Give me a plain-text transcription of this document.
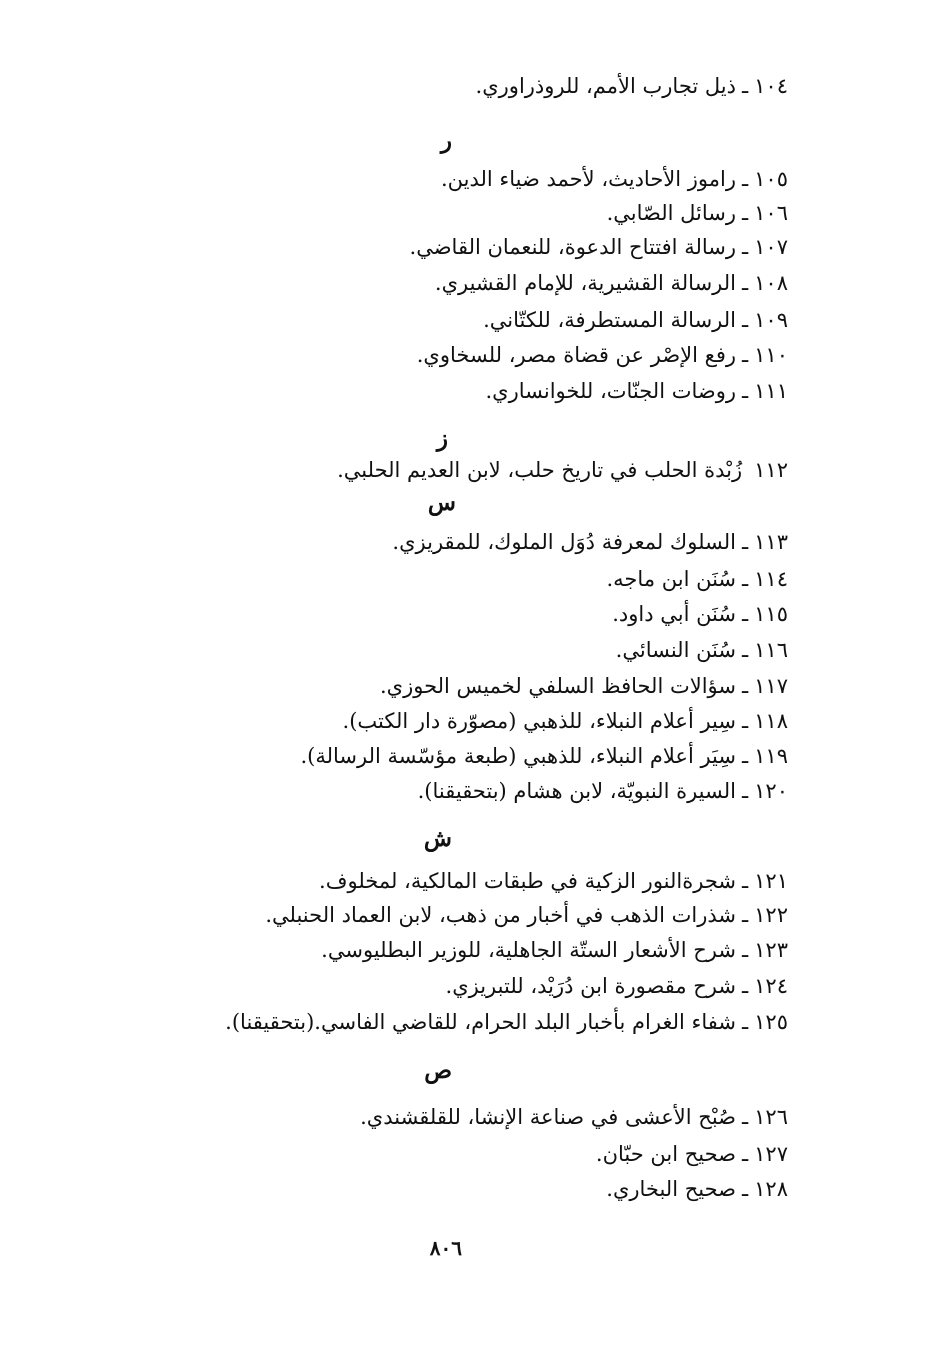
١٠٤ـذيل تجارب الأمم، للروذراوري.
ر
١٠٥ـراموز الأحاديث، لأحمد ضياء الدين.
١٠٦ـرسائل الصّابي.
١٠٧ـرسالة افتتاح الدعوة، للنعمان القاضي.
١٠٨ـالرسالة القشيرية، للإمام القشيري.
١٠٩ـالرسالة المستطرفة، للكتّاني.
١١٠ـرفع الإصْر عن قضاة مصر، للسخاوي.
١١١ـروضات الجنّات، للخوانساري.
ز
١١٢زُبْدة الحلب في تاريخ حلب، لابن العديم الحلبي.
س
١١٣ـالسلوك لمعرفة دُوَل الملوك، للمقريزي.
١١٤ـسُنَن ابن ماجه.
١١٥ـسُنَن أبي داود.
١١٦ـسُنَن النسائي.
١١٧ـسؤالات الحافظ السلفي لخميس الحوزي.
١١٨ـسِير أعلام النبلاء، للذهبي (مصوّرة دار الكتب).
١١٩ـسِيَر أعلام النبلاء، للذهبي (طبعة مؤسّسة الرسالة).
١٢٠ـالسيرة النبويّة، لابن هشام (بتحقيقنا).
ش
١٢١ـشجرةالنور الزكية في طبقات المالكية، لمخلوف.
١٢٢ـشذرات الذهب في أخبار من ذهب، لابن العماد الحنبلي.
١٢٣ـشرح الأشعار الستّة الجاهلية، للوزير البطليوسي.
١٢٤ـشرح مقصورة ابن دُرَيْد، للتبريزي.
١٢٥ـشفاء الغرام بأخبار البلد الحرام، للقاضي الفاسي.(بتحقيقنا).
ص
١٢٦ـصُبْح الأعشى في صناعة الإنشا، للقلقشندي.
١٢٧ـصحيح ابن حبّان.
١٢٨ـصحيح البخاري.
٨٠٦
